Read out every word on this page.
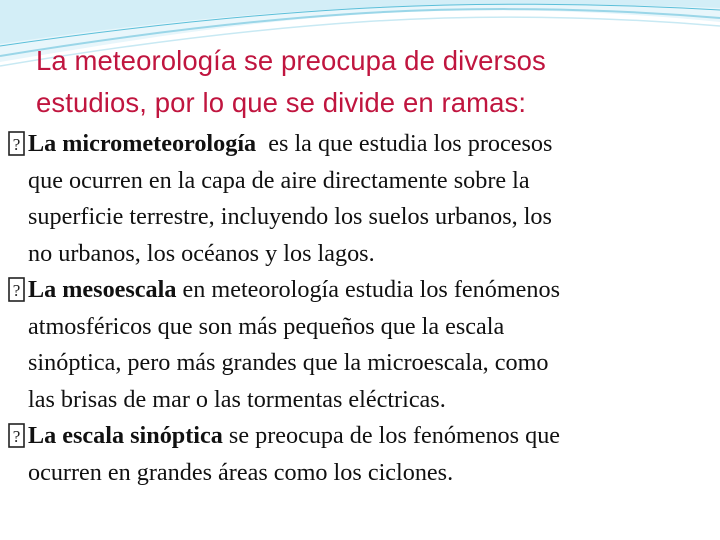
La meteorología se preocupa de diversos
estudios, por lo que se divide en ramas:
? La micrometeorología  es la que estudia los procesos
que ocurren en la capa de aire directamente sobre la
superficie terrestre, incluyendo los suelos urbanos, los
no urbanos, los océanos y los lagos.
? La mesoescala en meteorología estudia los fenómenos
atmosféricos que son más pequeños que la escala
sinóptica, pero más grandes que la microescala, como
las brisas de mar o las tormentas eléctricas.
? La escala sinóptica se preocupa de los fenómenos que
ocurren en grandes áreas como los ciclones.
